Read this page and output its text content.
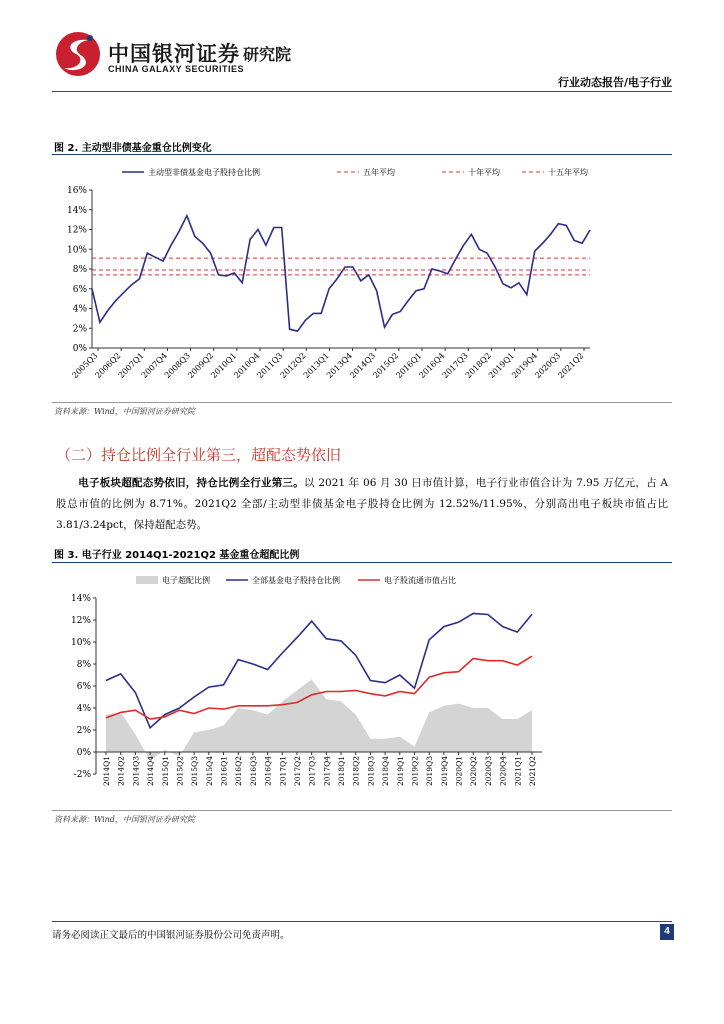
中国银河证券
CHINA GALAXY SECURITIES
研究院
行业动态报告/电子行业
图 2. 主动型非债基金重仓比例变化
0%
2%
4%
6%
8%
10%
12%
14%
16%
2005Q3
2006Q2
2007Q1
2007Q4
2008Q3
2009Q2
2010Q1
2010Q4
2011Q3
2012Q2
2013Q1
2013Q4
2014Q3
2015Q2
2016Q1
2016Q4
2017Q3
2018Q2
2019Q1
2019Q4
2020Q3
2021Q2
主动型非债基金电子股持仓比例	五年平均	十年平均	十五年平均
资料来源：Wind，中国银河证券研究院
（二）持仓比例全行业第三，超配态势依旧
电子板块超配态势依旧，持仓比例全行业第三。以 2021 年 06 月 30 日市值计算，电子行业市值合计为 7.95 万亿元，占 A 股总市值的比例为 8.71%。2021Q2 全部/主动型非债基金电子股持仓比例为 12.52%/11.95%，分别高出电子板块市值占比 3.81/3.24pct，保持超配态势。
图 3. 电子行业 2014Q1-2021Q2 基金重仓超配比例
-2%
0%
2%
4%
6%
8%
10%
12%
14%
2014Q1 2014Q2 2014Q3 2014Q4 2015Q1 2015Q2 2015Q3 2015Q4 2016Q1 2016Q2 2016Q3 2016Q4 2017Q1 2017Q2 2017Q3 2017Q4 2018Q1 2018Q2 2018Q3 2018Q4 2019Q1 2019Q2 2019Q3 2019Q4 2020Q1 2020Q2 2020Q3 2020Q4 2021Q1 2021Q2
电子超配比例	全部基金电子股持仓比例	电子股流通市值占比
资料来源：Wind，中国银河证券研究院
请务必阅读正文最后的中国银河证券股份公司免责声明。	4
